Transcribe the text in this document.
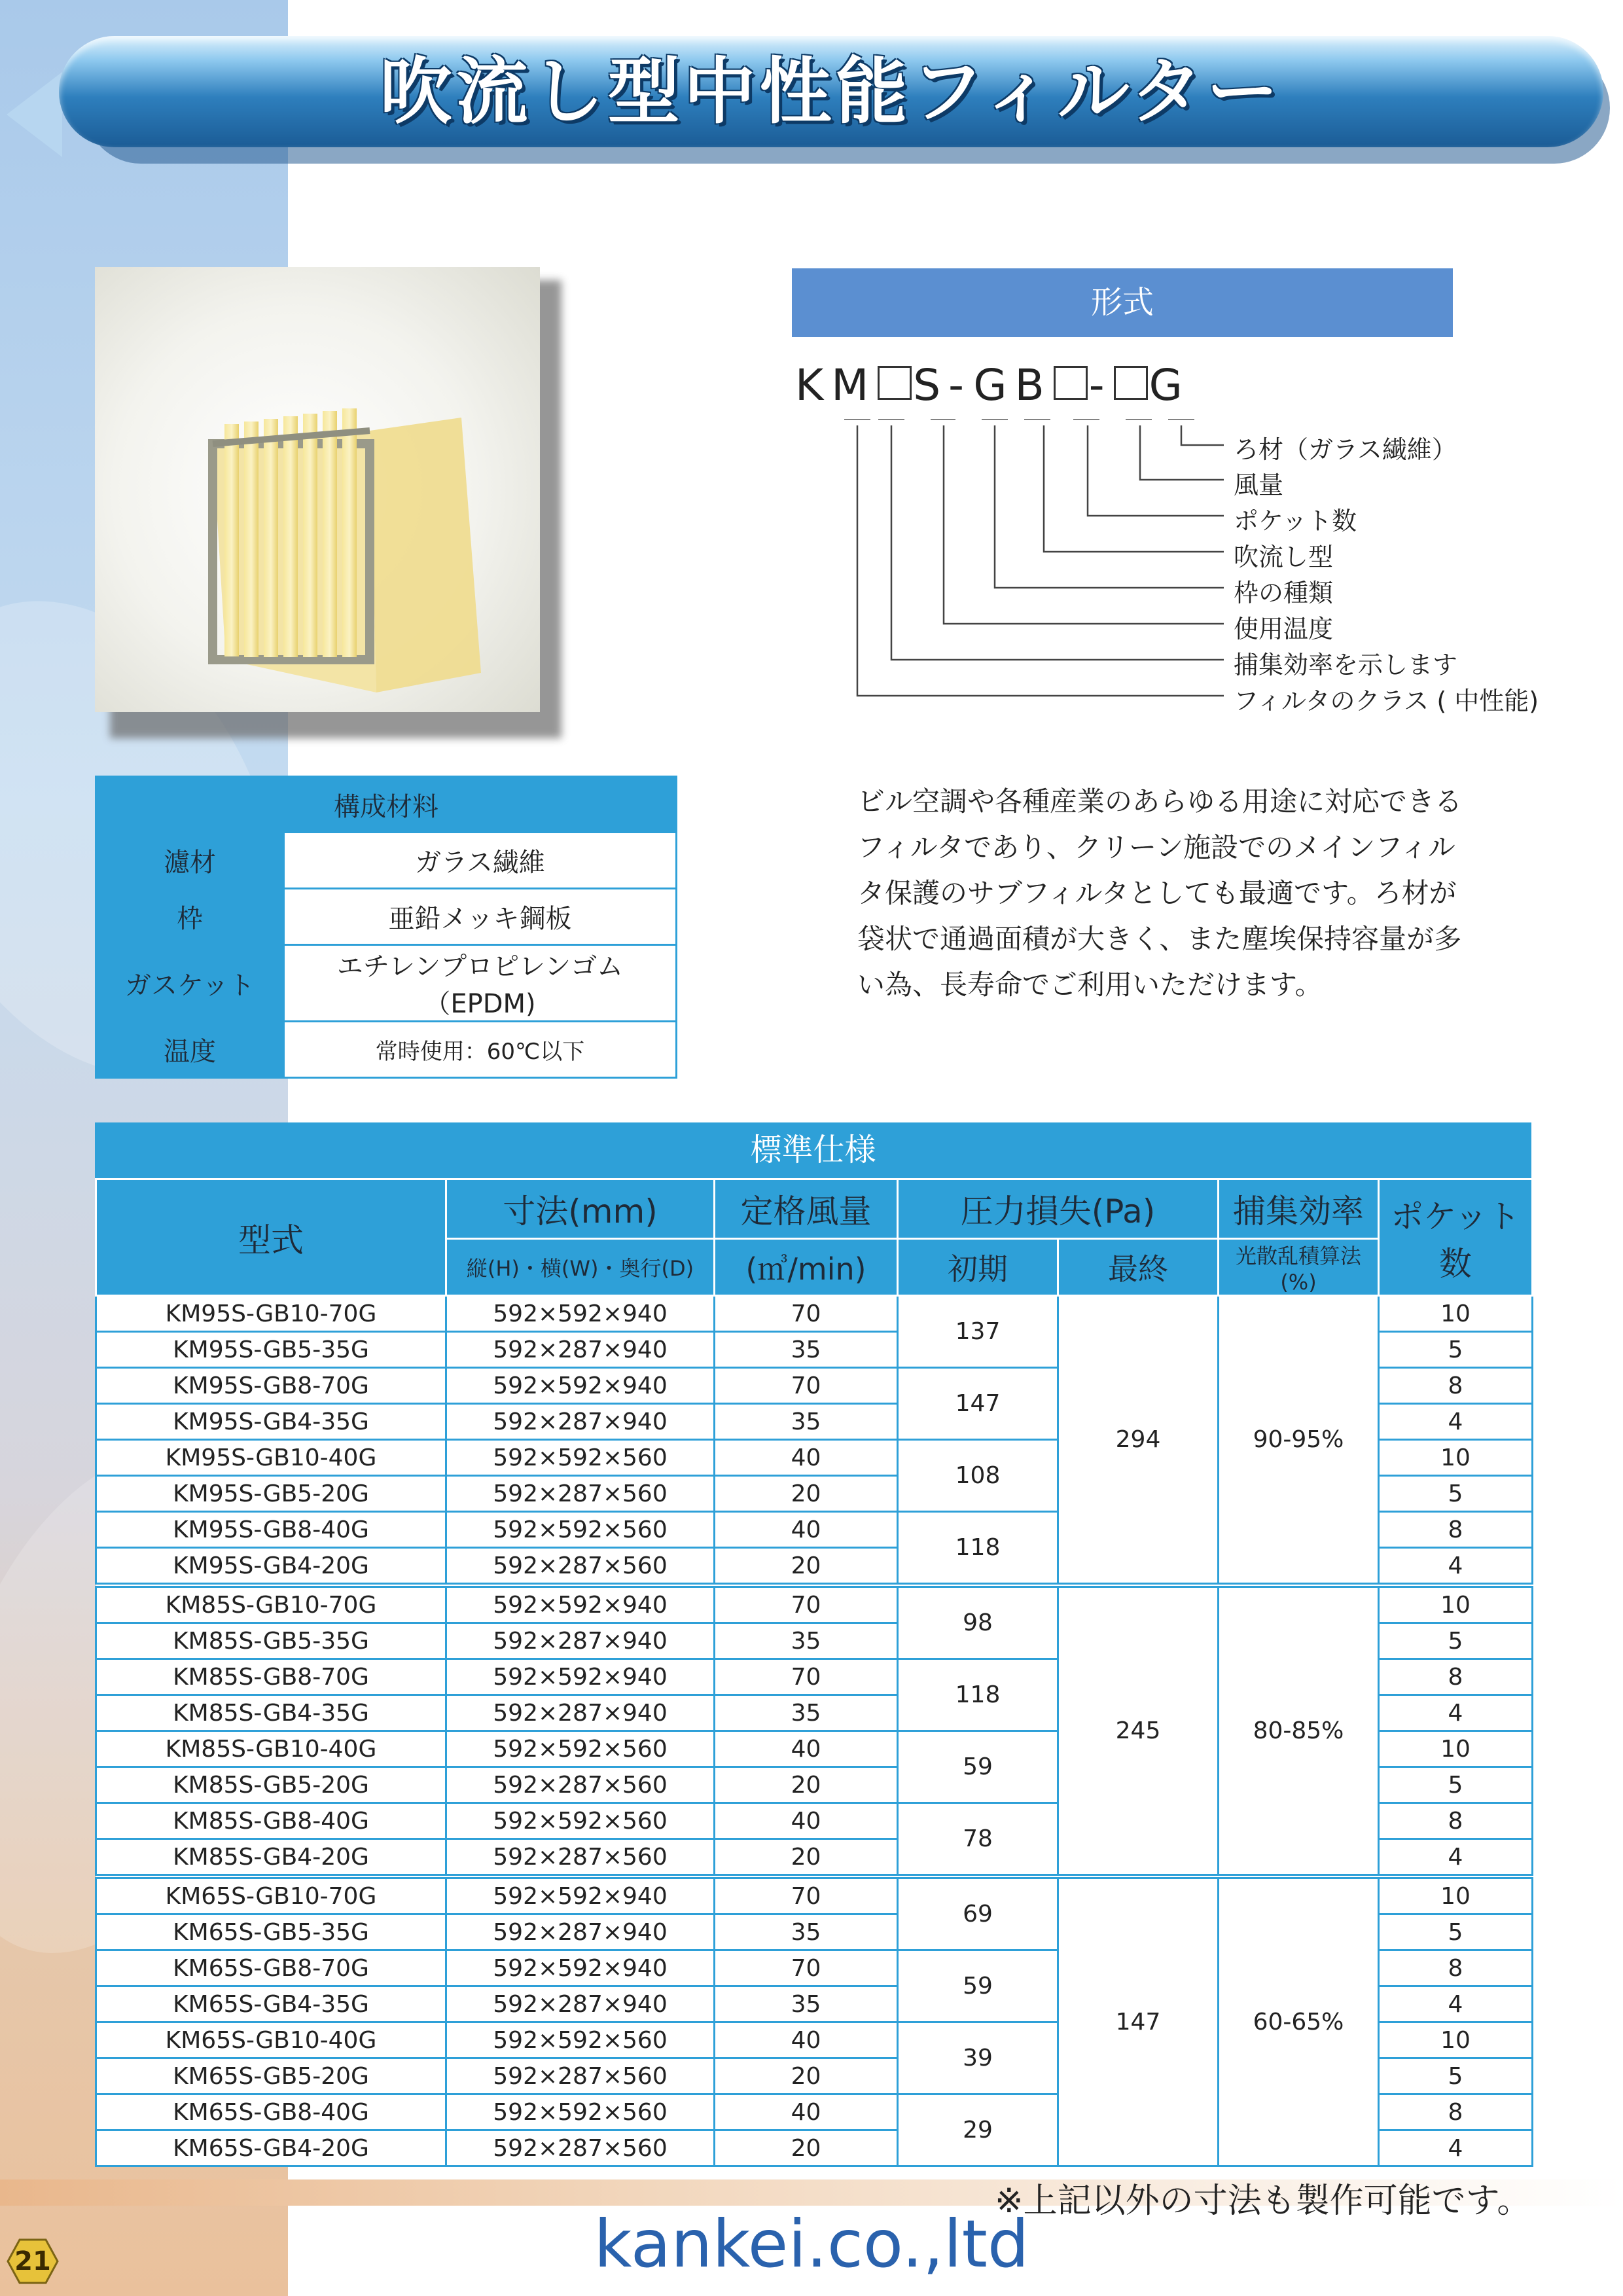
吹流し型中性能フィルター
形式
KM S-GB - G
ろ材（ガラス繊維）
風量
ポケット数
吹流し型
枠の種類
使用温度
捕集効率を示します
フィルタのクラス ( 中性能)
構成材料	
濾材	ガラス繊維
枠	亜鉛メッキ鋼板
ガスケット	エチレンプロピレンゴム（EPDM)
温度	常時使用：60℃以下
ビル空調や各種産業のあらゆる用途に対応できる
フィルタであり、クリーン施設でのメインフィル
タ保護のサブフィルタとしても最適です。ろ材が
袋状で通過面積が大きく、また塵埃保持容量が多
い為、長寿命でご利用いただけます。
標準仕様
型式	寸法(mm)	定格風量	圧力損失(Pa)		捕集効率	ポケット数
	縦(H)・横(W)・奥行(D)	(㎥/min)	初期	最終	光散乱積算法(%)	
KM95S-GB10-70G	592×592×940	70	137	294	90-95%	10
KM95S-GB5-35G	592×287×940	35				5
KM95S-GB8-70G	592×592×940	70	147			8
KM95S-GB4-35G	592×287×940	35				4
KM95S-GB10-40G	592×592×560	40	108			10
KM95S-GB5-20G	592×287×560	20				5
KM95S-GB8-40G	592×592×560	40	118			8
KM95S-GB4-20G	592×287×560	20				4
KM85S-GB10-70G	592×592×940	70	98	245	80-85%	10
KM85S-GB5-35G	592×287×940	35				5
KM85S-GB8-70G	592×592×940	70	118			8
KM85S-GB4-35G	592×287×940	35				4
KM85S-GB10-40G	592×592×560	40	59			10
KM85S-GB5-20G	592×287×560	20				5
KM85S-GB8-40G	592×592×560	40	78			8
KM85S-GB4-20G	592×287×560	20				4
KM65S-GB10-70G	592×592×940	70	69	147	60-65%	10
KM65S-GB5-35G	592×287×940	35				5
KM65S-GB8-70G	592×592×940	70	59			8
KM65S-GB4-35G	592×287×940	35				4
KM65S-GB10-40G	592×592×560	40	39			10
KM65S-GB5-20G	592×287×560	20				5
KM65S-GB8-40G	592×592×560	40	29			8
KM65S-GB4-20G	592×287×560	20				4
※上記以外の寸法も製作可能です。
21	kankei.co.,ltd
